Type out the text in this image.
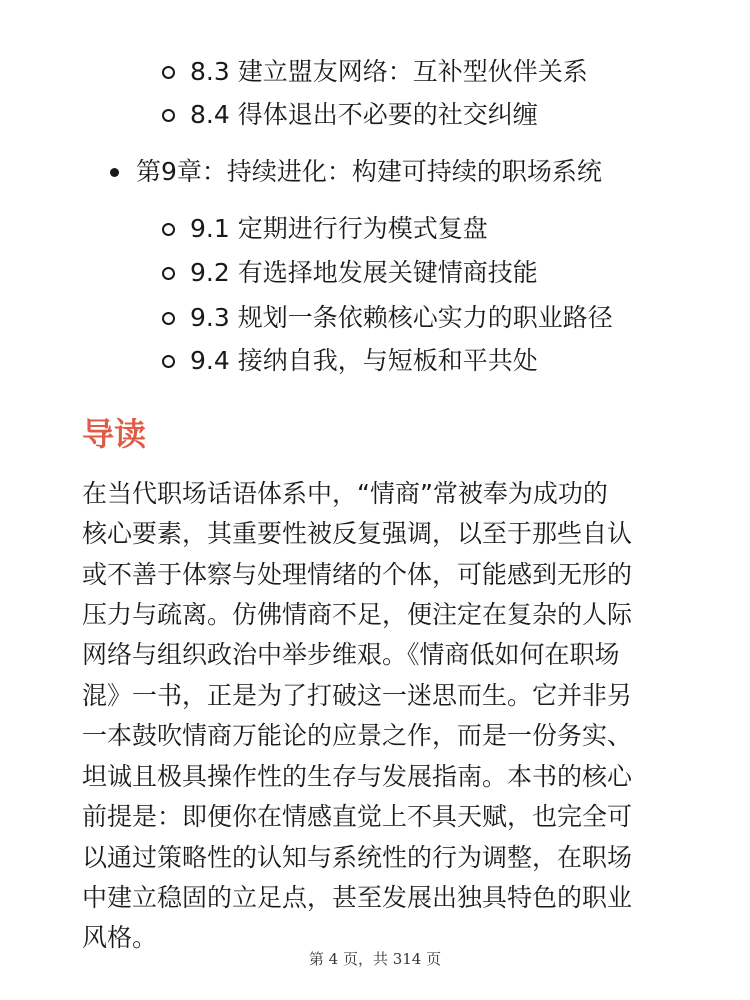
8.3 建立盟友网络：互补型伙伴关系
8.4 得体退出不必要的社交纠缠
第9章：持续进化：构建可持续的职场系统
9.1 定期进行行为模式复盘
9.2 有选择地发展关键情商技能
9.3 规划一条依赖核心实力的职业路径
9.4 接纳自我，与短板和平共处
导读

在当代职场话语体系中，“情商”常被奉为成功的

核心要素，其重要性被反复强调，以至于那些自认

或不善于体察与处理情绪的个体，可能感到无形的

压力与疏离。仿佛情商不足，便注定在复杂的人际

网络与组织政治中举步维艰。《情商低如何在职场

混》一书，正是为了打破这一迷思而生。它并非另

一本鼓吹情商万能论的应景之作，而是一份务实、

坦诚且极具操作性的生存与发展指南。本书的核心

前提是：即便你在情感直觉上不具天赋，也完全可

以通过策略性的认知与系统性的行为调整，在职场

中建立稳固的立足点，甚至发展出独具特色的职业

风格。

第 4 页，共 314 页
